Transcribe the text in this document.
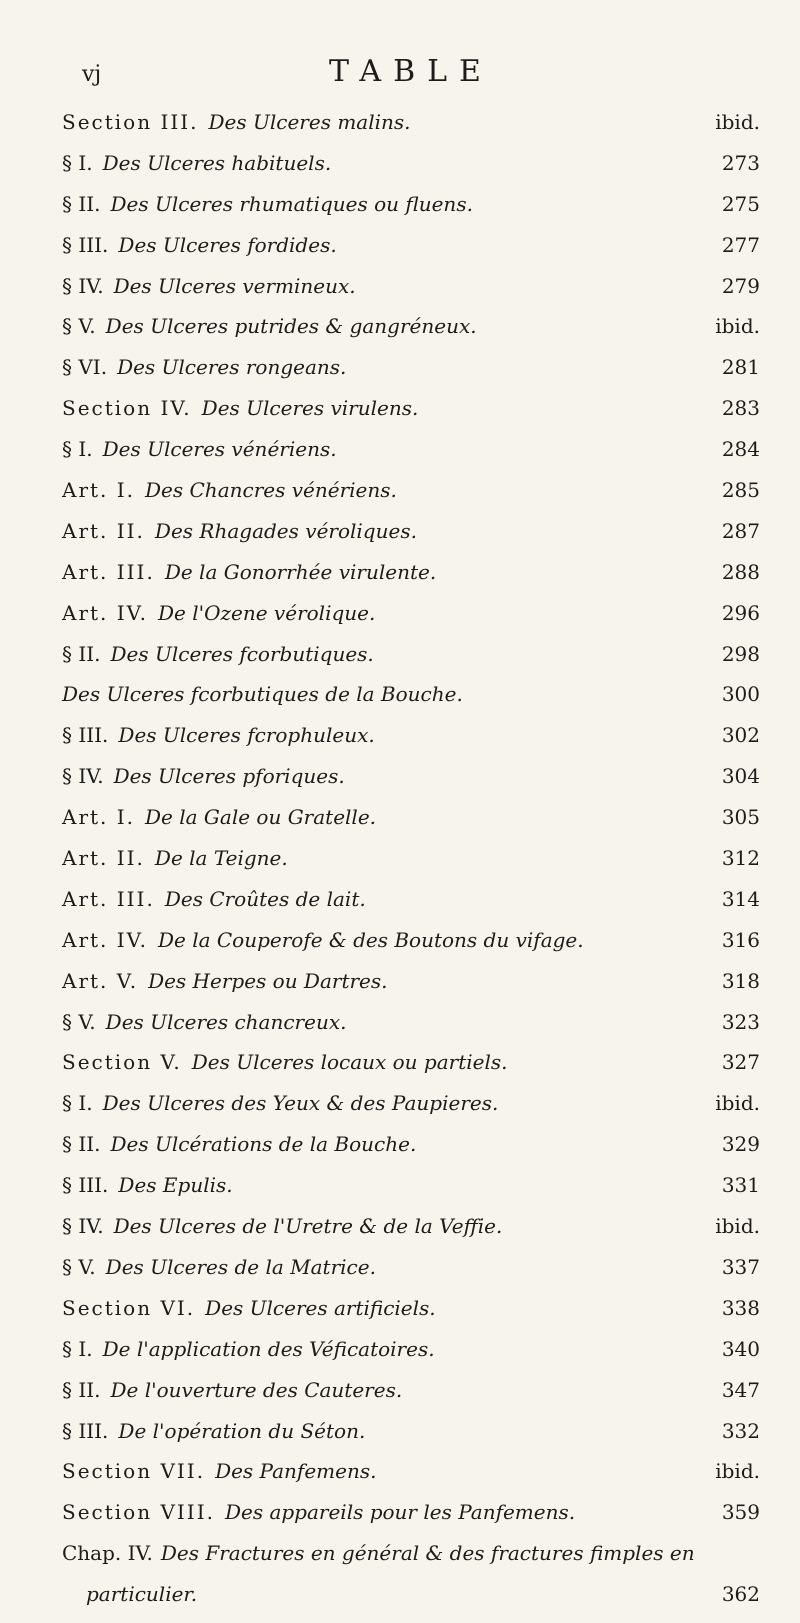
vj	TABLE
Section III. Des Ulceres malins.	ibid.
§ I. Des Ulceres habituels.	273
§ II. Des Ulceres rhumatiques ou fluens.	275
§ III. Des Ulceres fordides.	277
§ IV. Des Ulceres vermineux.	279
§ V. Des Ulceres putrides & gangréneux.	ibid.
§ VI. Des Ulceres rongeans.	281
Section IV. Des Ulceres virulens.	283
§ I. Des Ulceres vénériens.	284
Art. I. Des Chancres vénériens.	285
Art. II. Des Rhagades véroliques.	287
Art. III. De la Gonorrhée virulente.	288
Art. IV. De l'Ozene vérolique.	296
§ II. Des Ulceres fcorbutiques.	298
Des Ulceres fcorbutiques de la Bouche.	300
§ III. Des Ulceres fcrophuleux.	302
§ IV. Des Ulceres pforiques.	304
Art. I. De la Gale ou Gratelle.	305
Art. II. De la Teigne.	312
Art. III. Des Croûtes de lait.	314
Art. IV. De la Couperofe & des Boutons du vifage.	316
Art. V. Des Herpes ou Dartres.	318
§ V. Des Ulceres chancreux.	323
Section V. Des Ulceres locaux ou partiels.	327
§ I. Des Ulceres des Yeux & des Paupieres.	ibid.
§ II. Des Ulcérations de la Bouche.	329
§ III. Des Epulis.	331
§ IV. Des Ulceres de l'Uretre & de la Veffie.	ibid.
§ V. Des Ulceres de la Matrice.	337
Section VI. Des Ulceres artificiels.	338
§ I. De l'application des Véficatoires.	340
§ II. De l'ouverture des Cauteres.	347
§ III. De l'opération du Séton.	332
Section VII. Des Panfemens.	ibid.
Section VIII. Des appareils pour les Panfemens.	359
Chap. IV. Des Fractures en général & des fractures fimples en
particulier.	362
